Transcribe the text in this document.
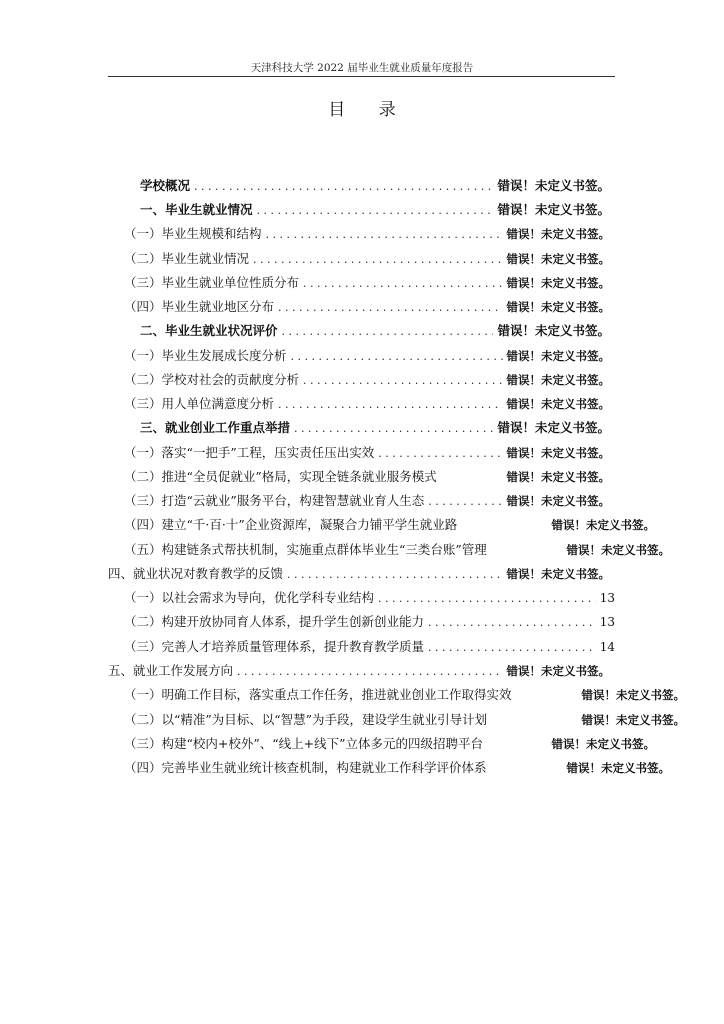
天津科技大学 2022 届毕业生就业质量年度报告
目 录
学校概况 . . .	错误！未定义书签。
一、毕业生就业情况 . . .	错误！未定义书签。
（一）毕业生规模和结构 . . .	错误！未定义书签。
（二）毕业生就业情况 . . .	错误！未定义书签。
（三）毕业生就业单位性质分布 . . .	错误！未定义书签。
（四）毕业生就业地区分布 . . .	错误！未定义书签。
二、毕业生就业状况评价 . . .	错误！未定义书签。
（一）毕业生发展成长度分析 . . .	错误！未定义书签。
（二）学校对社会的贡献度分析 . . .	错误！未定义书签。
（三）用人单位满意度分析 . . .	错误！未定义书签。
三、就业创业工作重点举措 . . .	错误！未定义书签。
（一）落实“一把手”工程，压实责任压出实效 . . .	错误！未定义书签。
（二）推进“全员促就业”格局，实现全链条就业服务模式	错误！未定义书签。
（三）打造“云就业”服务平台，构建智慧就业育人生态 . . .	错误！未定义书签。
（四）建立“千·百·十”企业资源库，凝聚合力铺平学生就业路	错误！未定义书签。
（五）构建链条式帮扶机制，实施重点群体毕业生“三类台账”管理	错误！未定义书签。
四、就业状况对教育教学的反馈 . . .	错误！未定义书签。
（一）以社会需求为导向，优化学科专业结构 . . .	13
（二）构建开放协同育人体系，提升学生创新创业能力 . . .	13
（三）完善人才培养质量管理体系，提升教育教学质量 . . .	14
五、就业工作发展方向 . . .	错误！未定义书签。
（一）明确工作目标，落实重点工作任务，推进就业创业工作取得实效	错误！未定义书签。
（二）以“精准”为目标、以“智慧”为手段，建设学生就业引导计划	错误！未定义书签。
（三）构建“校内+校外”、“线上+线下”立体多元的四级招聘平台	错误！未定义书签。
（四）完善毕业生就业统计核查机制，构建就业工作科学评价体系	错误！未定义书签。
